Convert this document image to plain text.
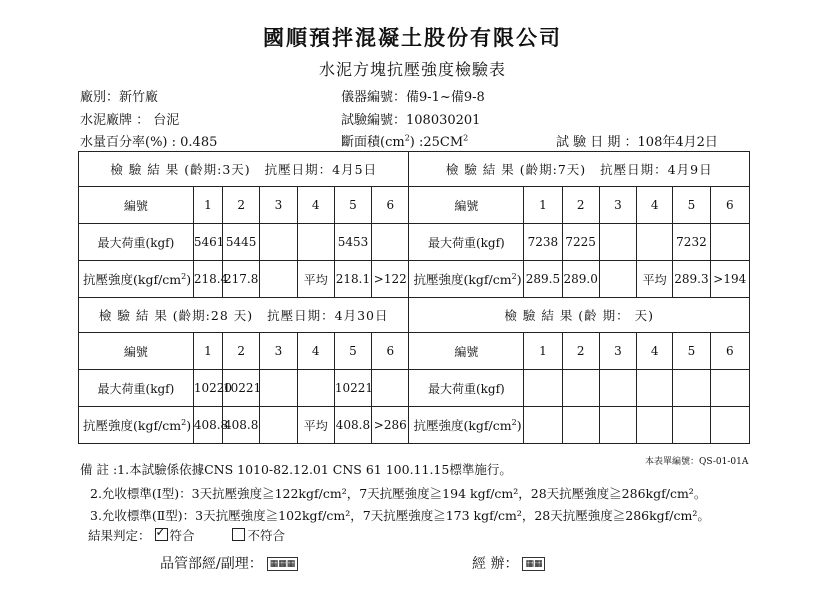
國順預拌混凝土股份有限公司
水泥方塊抗壓強度檢驗表
廠別：新竹廠	儀器編號：備9-1~備9-8
水泥廠牌 ： 台泥	試驗編號：108030201
水量百分率(%) : 0.485	斷面積$(cm^2)$ $:25CM^2$	試 驗 日 期 ：108年4月2日
檢 驗 結 果 (齡期:3天) 抗壓日期：4月5日							檢 驗 結 果 (齡期:7天) 抗壓日期：4月9日						
編號	1	2	3	4	5	6	編號	1	2	3	4	5	6
最大荷重(kgf)	5461	5445			5453		最大荷重(kgf)	7238	7225			7232	
抗壓強度$(kgf/cm^2)$	218.4	217.8		平均	218.1	>122	抗壓強度$(kgf/cm^2)$	289.5	289.0		平均	289.3	>194
檢 驗 結 果 (齡期:28 天) 抗壓日期：4月30日							檢 驗 結 果 (齡 期： 天)						
編號	1	2	3	4	5	6	編號	1	2	3	4	5	6
最大荷重(kgf)	10220	10221			10221		最大荷重(kgf)						
抗壓強度$(kgf/cm^2)$	408.8	408.8		平均	408.8	>286	抗壓強度$(kgf/cm^2)$						
本表單編號：QS-01-01A
備 註 :1.本試驗係依據CNS 1010-82.12.01 CNS 61 100.11.15標準施行。
2.允收標準(Ⅰ型)：3天抗壓強度≧122kgf/cm²，7天抗壓強度≧194 kgf/cm²，28天抗壓強度≧286kgf/cm²。
3.允收標準(Ⅱ型)：3天抗壓強度≧102kgf/cm²，7天抗壓強度≧173 kgf/cm²，28天抗壓強度≧286kgf/cm²。
結果判定： ✓ 符合	不符合
品管部經/副理： ▦▦▦	經 辦： ▦▦
